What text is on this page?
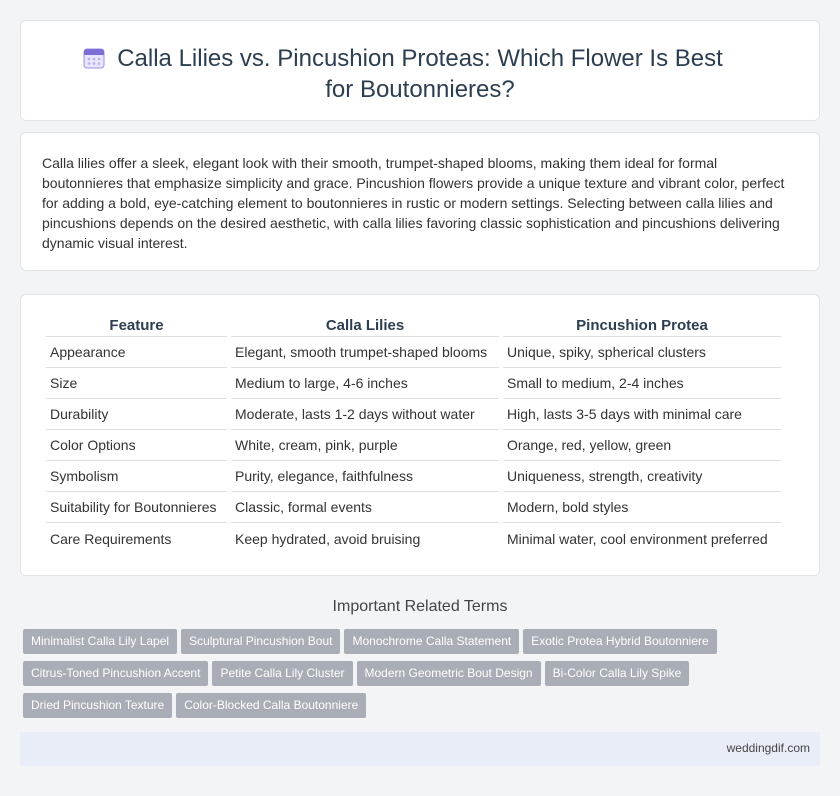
Calla Lilies vs. Pincushion Proteas: Which Flower Is Best for Boutonnieres?

Calla lilies offer a sleek, elegant look with their smooth, trumpet-shaped blooms, making them ideal for formal boutonnieres that emphasize simplicity and grace. Pincushion flowers provide a unique texture and vibrant color, perfect for adding a bold, eye-catching element to boutonnieres in rustic or modern settings. Selecting between calla lilies and pincushions depends on the desired aesthetic, with calla lilies favoring classic sophistication and pincushions delivering dynamic visual interest.

Feature	Calla Lilies	Pincushion Protea
Appearance	Elegant, smooth trumpet-shaped blooms	Unique, spiky, spherical clusters
Size	Medium to large, 4-6 inches	Small to medium, 2-4 inches
Durability	Moderate, lasts 1-2 days without water	High, lasts 3-5 days with minimal care
Color Options	White, cream, pink, purple	Orange, red, yellow, green
Symbolism	Purity, elegance, faithfulness	Uniqueness, strength, creativity
Suitability for Boutonnieres	Classic, formal events	Modern, bold styles
Care Requirements	Keep hydrated, avoid bruising	Minimal water, cool environment preferred
Important Related Terms
Minimalist Calla Lily Lapel Sculptural Pincushion Bout Monochrome Calla Statement Exotic Protea Hybrid Boutonniere
Citrus-Toned Pincushion Accent Petite Calla Lily Cluster Modern Geometric Bout Design Bi-Color Calla Lily Spike
Dried Pincushion Texture Color-Blocked Calla Boutonniere
weddingdif.com
